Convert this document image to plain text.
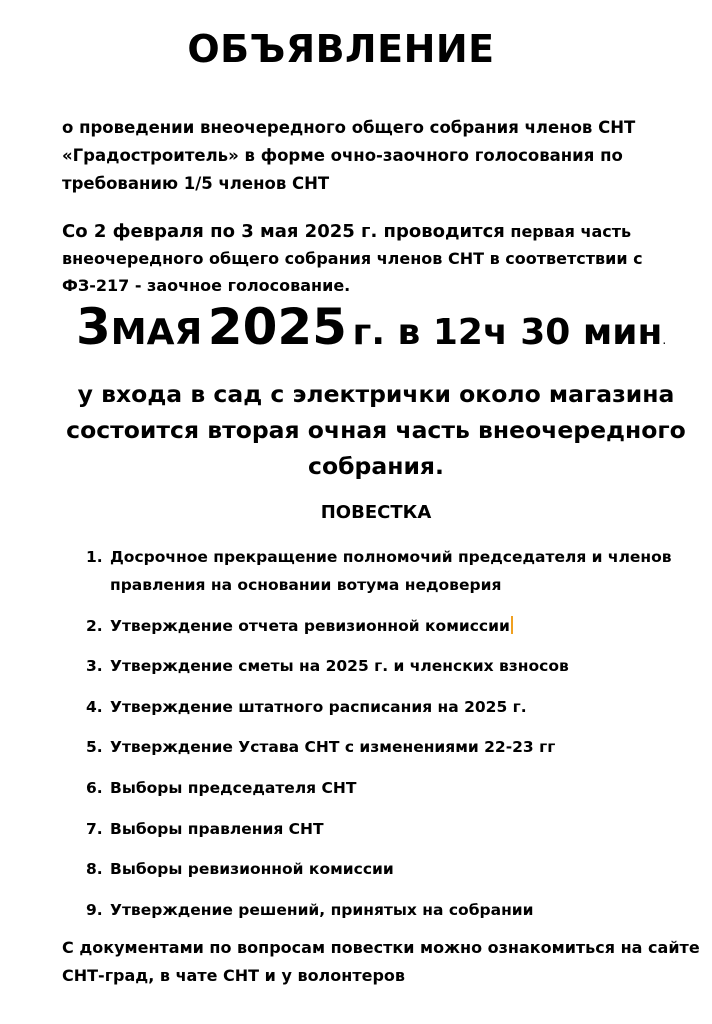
ОБЪЯВЛЕНИЕ

о проведении внеочередного общего собрания членов СНТ «Градостроитель» в форме очно-заочного голосования по требованию 1/5 членов СНТ

Со 2 февраля по 3 мая 2025 г. проводится первая часть внеочередного общего собрания членов СНТ в соответствии с ФЗ-217 - заочное голосование.

3МАЯ 2025 г. в 12ч 30 мин.

у входа в сад с электрички около магазина состоится вторая очная часть внеочередного собрания.

ПОВЕСТКА
1. Досрочное прекращение полномочий председателя и членов правления на основании вотума недоверия
2. Утверждение отчета ревизионной комиссии
3. Утверждение сметы на 2025 г. и членских взносов
4. Утверждение штатного расписания на 2025 г.
5. Утверждение Устава СНТ с изменениями 22-23 гг
6. Выборы председателя СНТ
7. Выборы правления СНТ
8. Выборы ревизионной комиссии
9. Утверждение решений, принятых на собрании

С документами по вопросам повестки можно ознакомиться на сайте СНТ-град, в чате СНТ и у волонтеров
